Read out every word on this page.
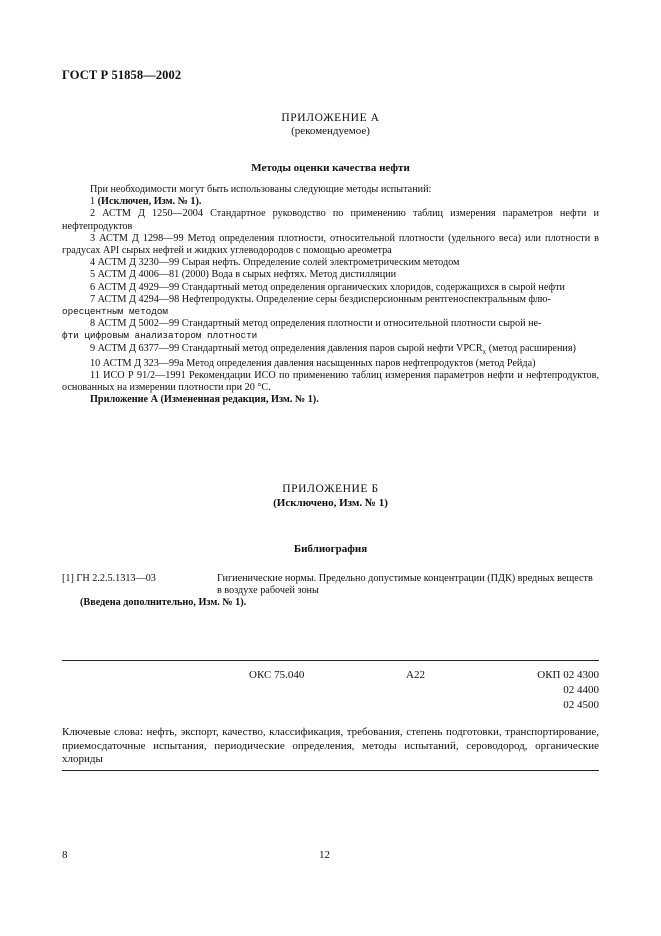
ГОСТ Р 51858—2002
ПРИЛОЖЕНИЕ А
(рекомендуемое)
Методы оценки качества нефти
При необходимости могут быть использованы следующие методы испытаний:
1 (Исключен, Изм. № 1).
2 АСТМ Д 1250—2004 Стандартное руководство по применению таблиц измерения параметров нефти и нефтепродуктов
3 АСТМ Д 1298—99 Метод определения плотности, относительной плотности (удельного веса) или плотности в градусах API сырых нефтей и жидких углеводородов с помощью ареометра
4 АСТМ Д 3230—99 Сырая нефть. Определение солей электрометрическим методом
5 АСТМ Д 4006—81 (2000) Вода в сырых нефтях. Метод дистилляции
6 АСТМ Д 4929—99 Стандартный метод определения органических хлоридов, содержащихся в сырой нефти
7 АСТМ Д 4294—98 Нефтепродукты. Определение серы бездисперсионным рентгеноспектральным флю-
оресцентным методом
8 АСТМ Д 5002—99 Стандартный метод определения плотности и относительной плотности сырой не-
фти цифровым анализатором плотности
9 АСТМ Д 6377—99 Стандартный метод определения давления паров сырой нефти $VPCR_x$ (метод расширения)
10 АСТМ Д 323—99а Метод определения давления насыщенных паров нефтепродуктов (метод Рейда)
11 ИСО Р 91/2—1991 Рекомендации ИСО по применению таблиц измерения параметров нефти и нефтепродуктов, основанных на измерении плотности при 20 °С.
Приложение А (Измененная редакция, Изм. № 1).
ПРИЛОЖЕНИЕ Б
(Исключено, Изм. № 1)
Библиография
[1] ГН 2.2.5.1313—03	Гигиенические нормы. Предельно допустимые концентрации (ПДК) вредных веществ в воздухе рабочей зоны
(Введена дополнительно, Изм. № 1).
ОКС 75.040	А22	ОКП 02 4300
02 4400
02 4500
Ключевые слова: нефть, экспорт, качество, классификация, требования, степень подготовки, транспортирование, приемосдаточные испытания, периодические определения, методы испытаний, сероводород, органические хлориды
8	12
